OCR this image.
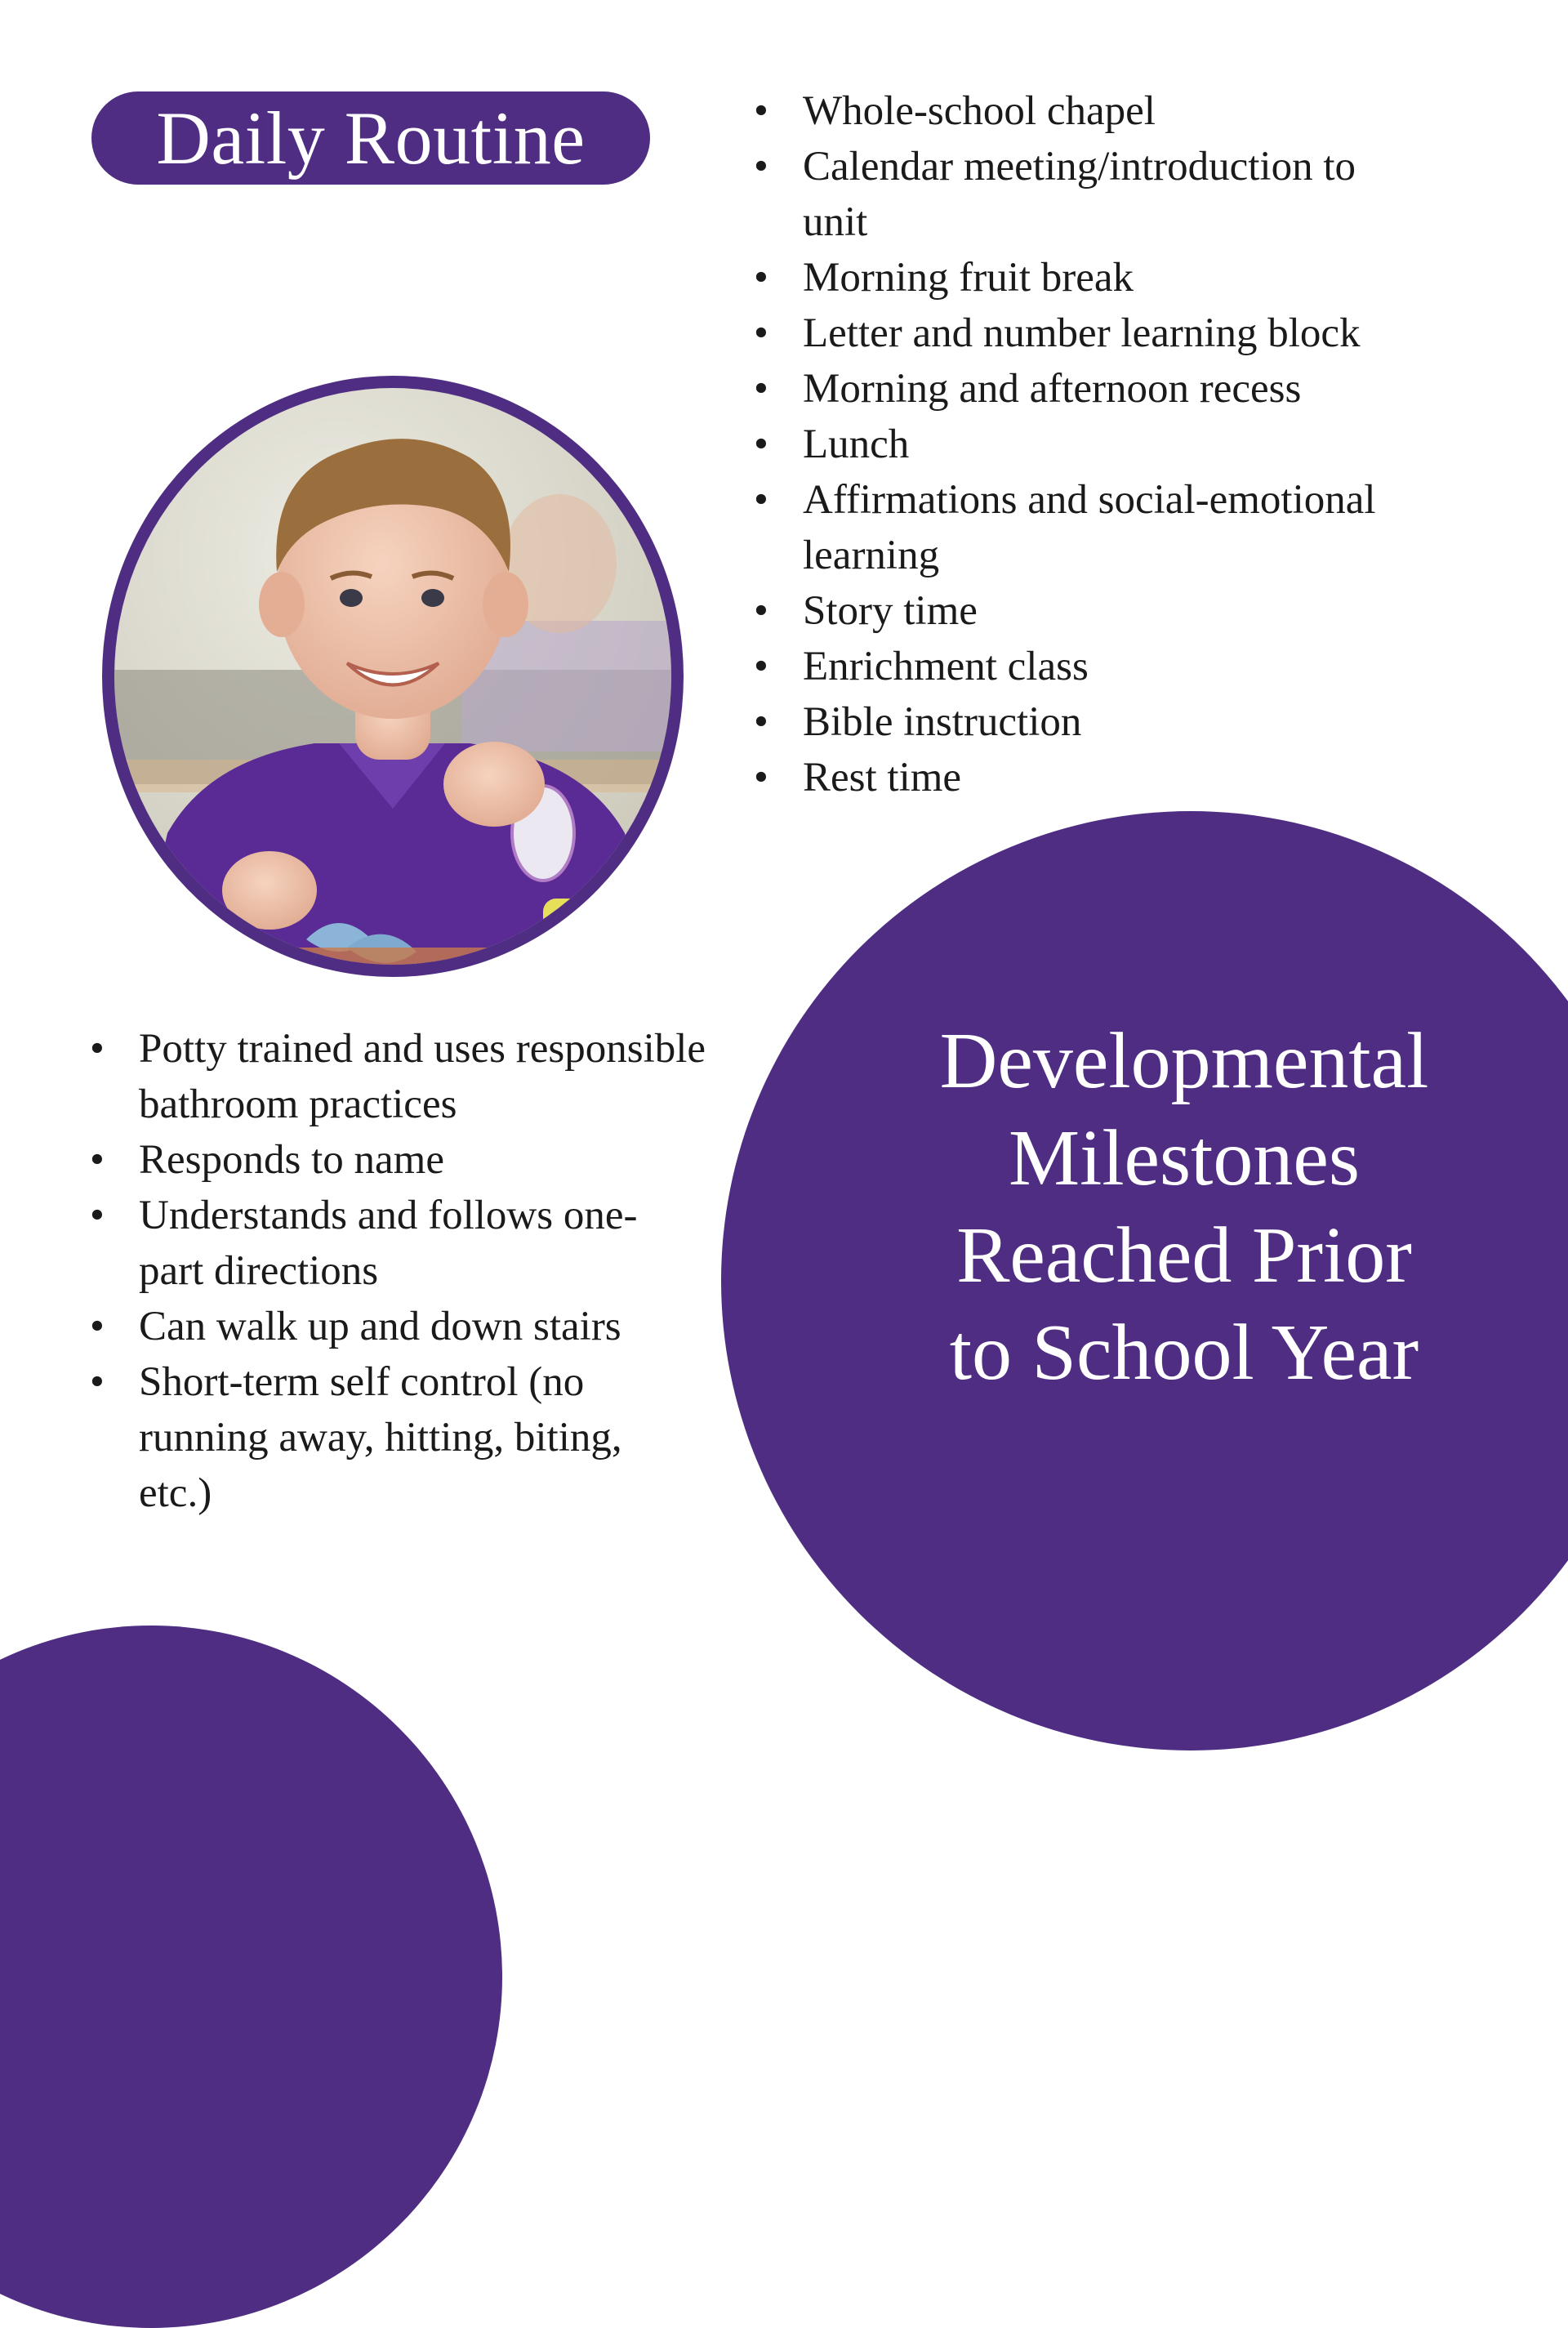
Daily Routine
•	Whole-school chapel
• Calendar meeting/introduction to unit
• Morning fruit break
• Letter and number learning block
• Morning and afternoon recess
• Lunch
• Affirmations and social-emotional learning
• Story time
• Enrichment class
• Bible instruction
• Rest time
• Potty trained and uses responsible bathroom practices
• Responds to name
• Understands and follows one-part directions
• Can walk up and down stairs
• Short-term self control (no running away, hitting, biting, etc.)
Developmental
Milestones
Reached Prior
to School Year
